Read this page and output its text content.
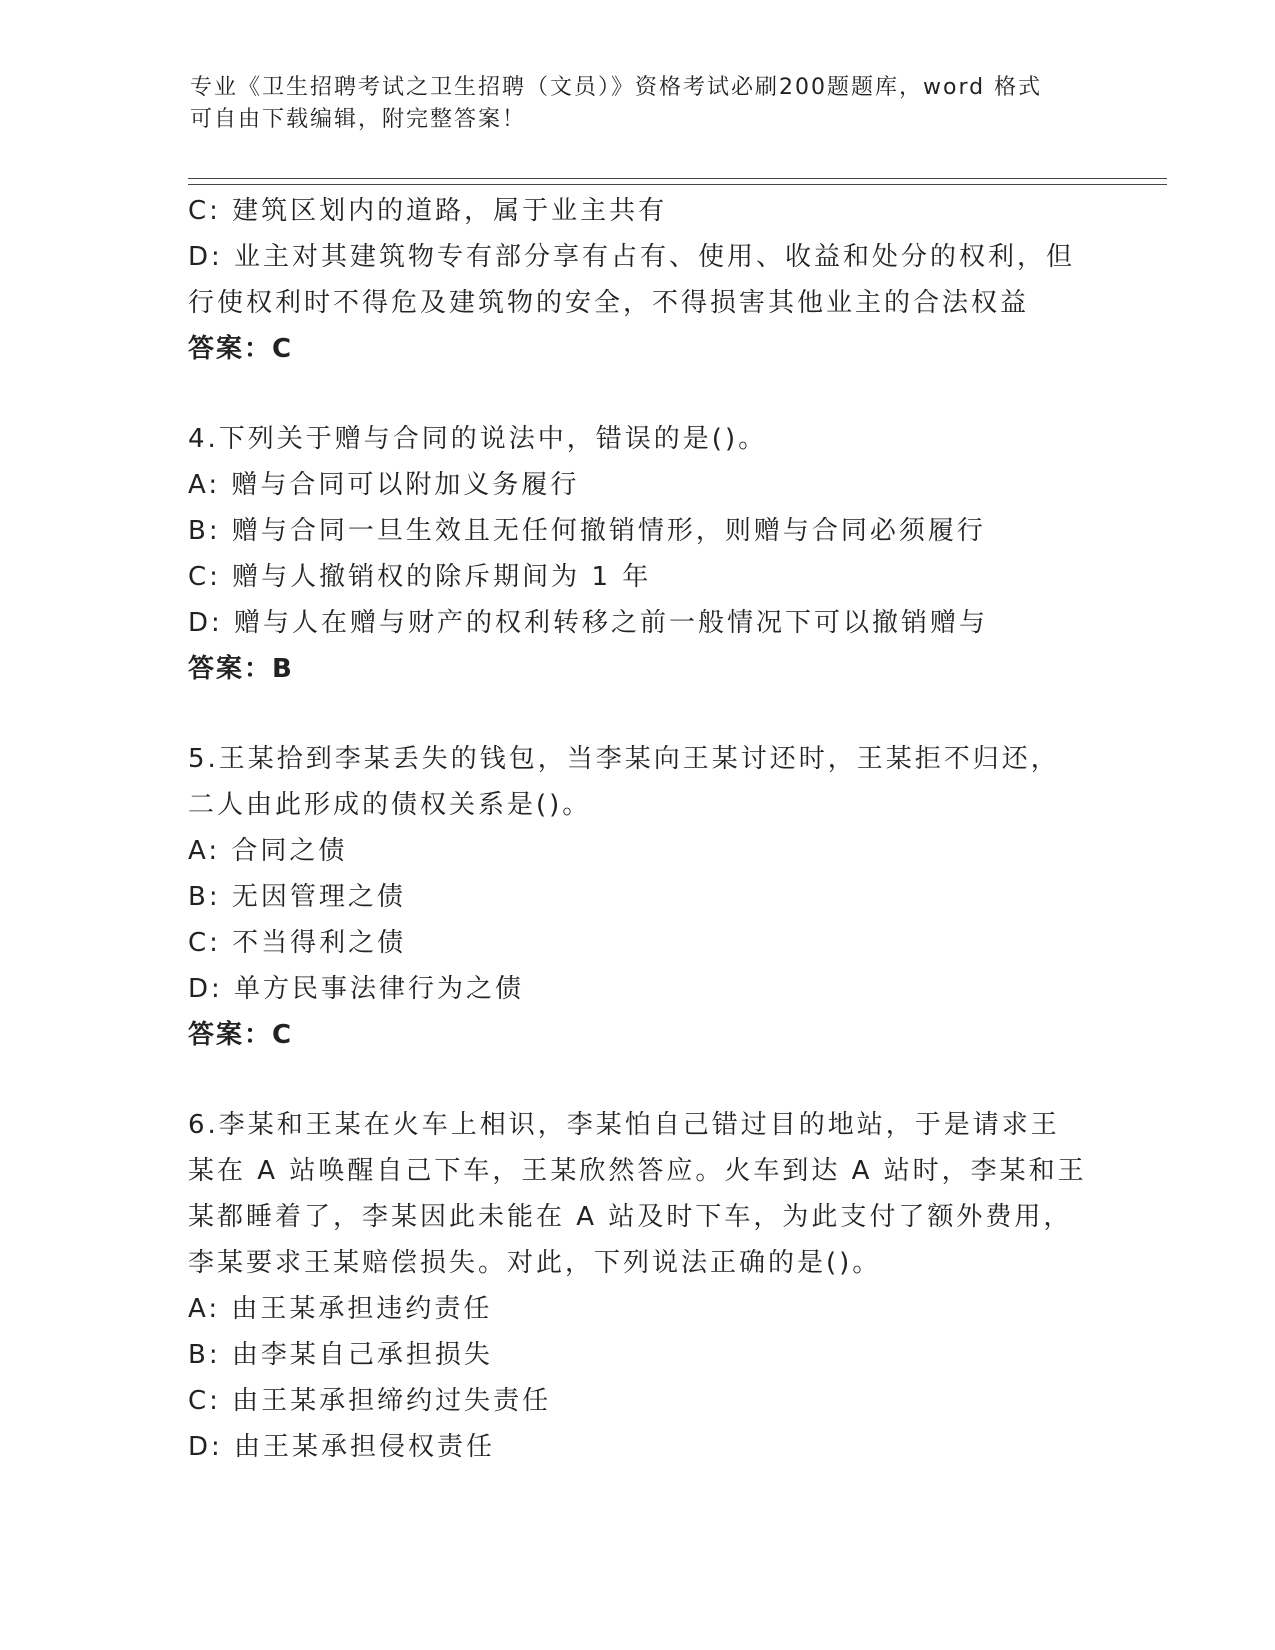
专业《卫生招聘考试之卫生招聘（文员）》资格考试必刷200题题库，word 格式
可自由下载编辑，附完整答案！
C: 建筑区划内的道路，属于业主共有
D: 业主对其建筑物专有部分享有占有、使用、收益和处分的权利，但
行使权利时不得危及建筑物的安全，不得损害其他业主的合法权益
答案：C
4.下列关于赠与合同的说法中，错误的是()。
A: 赠与合同可以附加义务履行
B: 赠与合同一旦生效且无任何撤销情形，则赠与合同必须履行
C: 赠与人撤销权的除斥期间为 1 年
D: 赠与人在赠与财产的权利转移之前一般情况下可以撤销赠与
答案：B
5.王某拾到李某丢失的钱包，当李某向王某讨还时，王某拒不归还，
二人由此形成的债权关系是()。
A: 合同之债
B: 无因管理之债
C: 不当得利之债
D: 单方民事法律行为之债
答案：C
6.李某和王某在火车上相识，李某怕自己错过目的地站，于是请求王
某在 A 站唤醒自己下车，王某欣然答应。火车到达 A 站时，李某和王
某都睡着了，李某因此未能在 A 站及时下车，为此支付了额外费用，
李某要求王某赔偿损失。对此，下列说法正确的是()。
A: 由王某承担违约责任
B: 由李某自己承担损失
C: 由王某承担缔约过失责任
D: 由王某承担侵权责任
